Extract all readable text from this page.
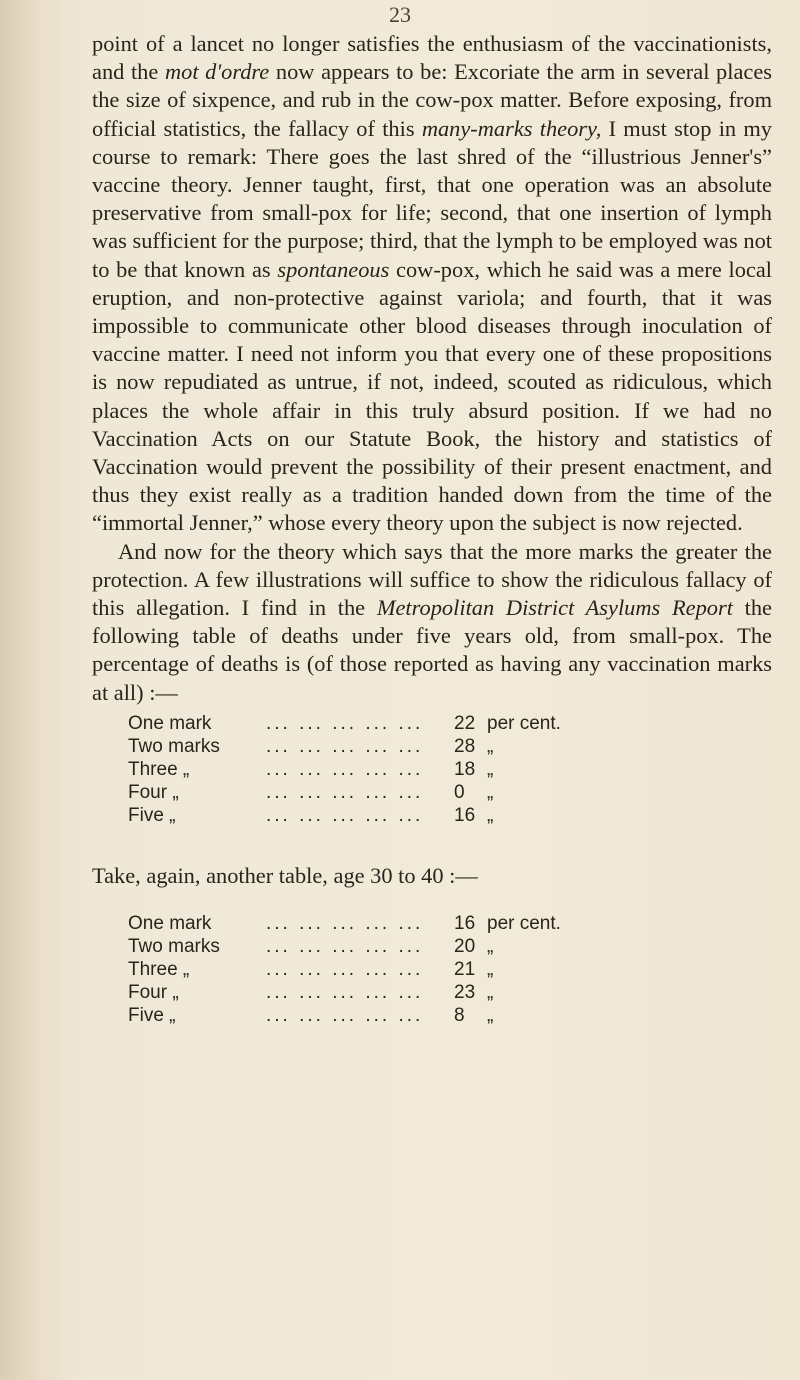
23

point of a lancet no longer satisfies the enthusiasm of the vaccinationists, and the mot d'ordre now appears to be: Excoriate the arm in several places the size of sixpence, and rub in the cow-pox matter. Before exposing, from official statistics, the fallacy of this many-marks theory, I must stop in my course to remark: There goes the last shred of the “illustrious Jenner's” vaccine theory. Jenner taught, first, that one operation was an absolute preservative from small-pox for life; second, that one insertion of lymph was sufficient for the purpose; third, that the lymph to be employed was not to be that known as spontaneous cow-pox, which he said was a mere local eruption, and non-protective against variola; and fourth, that it was impossible to communicate other blood diseases through inoculation of vaccine matter. I need not inform you that every one of these propositions is now repudiated as untrue, if not, indeed, scouted as ridiculous, which places the whole affair in this truly absurd position. If we had no Vaccination Acts on our Statute Book, the history and statistics of Vaccination would prevent the possibility of their present enactment, and thus they exist really as a tradition handed down from the time of the “immortal Jenner,” whose every theory upon the subject is now rejected.

And now for the theory which says that the more marks the greater the protection. A few illustrations will suffice to show the ridiculous fallacy of this allegation. I find in the Metropolitan District Asylums Report the following table of deaths under five years old, from small-pox. The percentage of deaths is (of those reported as having any vaccination marks at all) :—

One mark	... ... ... ... ... 22 per cent.
Two marks ... ... ... ... ... 28 „
Three „	... ... ... ... ... 18 „
Four „	... ... ... ... ... 0 „
Five „	... ... ... ... ... 16 „
Take, again, another table, age 30 to 40 :—
One mark	... ... ... ... ... 16 per cent.
Two marks ... ... ... ... ... 20 „
Three „	... ... ... ... ... 21 „
Four „	... ... ... ... ... 23 „
Five „	... ... ... ... ... 8 „
